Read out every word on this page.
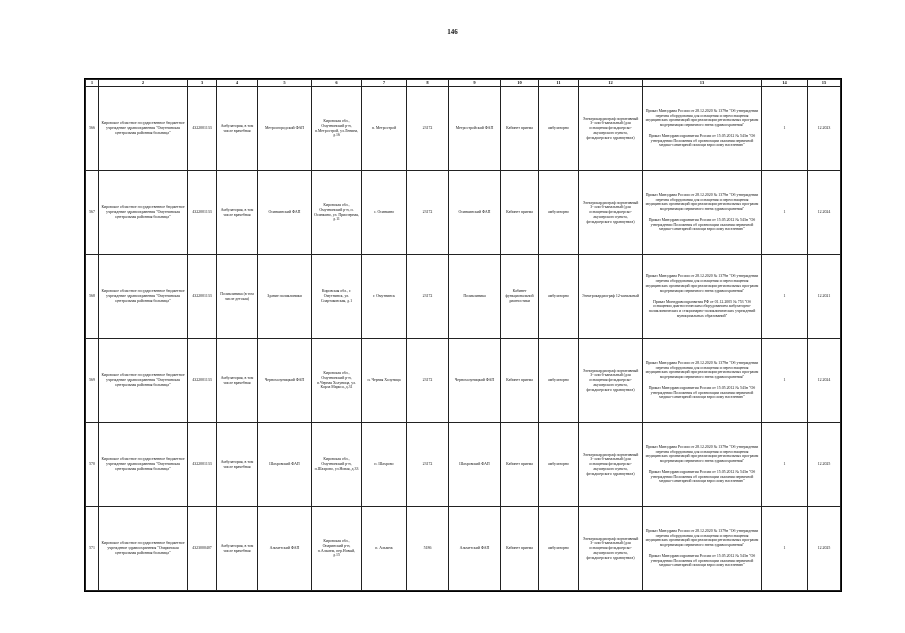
146
1	2	3	4	5	6	7	8	9	10	11	12	13	14	15
566	Кировское областное государственное бюджетное учреждение здравоохранения "Омутнинская центральная районная больница"	4322001133	Амбулатория, в том числе врачебная	Метроогородский ФАП	Кировская обл., Омутнинский р-н, п.Метрострой, ул.Ленина, д.16	п. Метрострой	23172	Метростройский ФАП	Кабинет приема	амбулаторно	Электрокардиограф портативный 3- или 6-канальный (для оснащения фельдшерско-акушерского пункта, фельдшерского здравпункта)	Приказ Минздрава России от 28.12.2020 № 1379н "Об утверждении перечня оборудования для оснащения и переоснащения медицинских организаций при реализации региональных программ модернизации первичного звена здравоохранения"
Приказ Минздравсоцразвития России от 15.05.2012 № 543н "Об утверждении Положения об организации оказания первичной медико-санитарной помощи взрослому населению"	1	12.2023
567	Кировское областное государственное бюджетное учреждение здравоохранения "Омутнинская центральная районная больница"	4322001133	Амбулатория, в том числе врачебная	Осинкинский ФАП	Кировская обл., Омутнинский р-н, п. Осинкино, ул. Приозерная, д.11	с. Осинкино	23172	Осинкинский ФАП	Кабинет приема	амбулаторно	Электрокардиограф портативный 3- или 6-канальный (для оснащения фельдшерско-акушерского пункта, фельдшерского здравпункта)	Приказ Минздрава России от 28.12.2020 № 1379н "Об утверждении перечня оборудования для оснащения и переоснащения медицинских организаций при реализации региональных программ модернизации первичного звена здравоохранения"
Приказ Минздравсоцразвития России от 15.05.2012 № 543н "Об утверждении Положения об организации оказания первичной медико-санитарной помощи взрослому населению"	1	12.2024
568	Кировское областное государственное бюджетное учреждение здравоохранения "Омутнинская центральная районная больница"	4322001133	Поликлиника (в том числе детская)	Здание поликлиники	Кировская обл., г. Омутнинск, ул. Спартаковская, д.1	г. Омутнинск	23172	Поликлиника	Кабинет функциональной диагностики	амбулаторно	Электрокардиограф 12-канальный	Приказ Минздрава России от 28.12.2020 № 1379н "Об утверждении перечня оборудования для оснащения и переоснащения медицинских организаций при реализации региональных программ модернизации первичного звена здравоохранения"
Приказ Минздравсоцразвития РФ от 01.12.2005 № 753 "Об оснащении диагностическим оборудованием амбулаторно-поликлинических и стационарно-поликлинических учреждений муниципальных образований"	1	12.2021
569	Кировское областное государственное бюджетное учреждение здравоохранения "Омутнинская центральная районная больница"	4322001133	Амбулатория, в том числе врачебная	Чернохолуницкий ФАП	Кировская обл., Омутнинский р-н, п.Черная Холуница, ул. Карла Маркса, д.31	п. Черная Холуница	23172	Чернохолуницкий ФАП	Кабинет приема	амбулаторно	Электрокардиограф портативный 3- или 6-канальный (для оснащения фельдшерско-акушерского пункта, фельдшерского здравпункта)	Приказ Минздрава России от 28.12.2020 № 1379н "Об утверждении перечня оборудования для оснащения и переоснащения медицинских организаций при реализации региональных программ модернизации первичного звена здравоохранения"
Приказ Минздравсоцразвития России от 15.05.2012 № 543н "Об утверждении Положения об организации оказания первичной медико-санитарной помощи взрослому населению"	1	12.2024
570	Кировское областное государственное бюджетное учреждение здравоохранения "Омутнинская центральная районная больница"	4322001133	Амбулатория, в том числе врачебная	Шахровский ФАП	Кировская обл., Омутнинский р-н, п.Шахрово, ул.Новая, д.33	п. Шахрово	23172	Шахровский ФАП	Кабинет приема	амбулаторно	Электрокардиограф портативный 3- или 6-канальный (для оснащения фельдшерско-акушерского пункта, фельдшерского здравпункта)	Приказ Минздрава России от 28.12.2020 № 1379н "Об утверждении перечня оборудования для оснащения и переоснащения медицинских организаций при реализации региональных программ модернизации первичного звена здравоохранения"
Приказ Минздравсоцразвития России от 15.05.2012 № 543н "Об утверждении Положения об организации оказания первичной медико-санитарной помощи взрослому населению"	1	12.2025
571	Кировское областное государственное бюджетное учреждение здравоохранения "Опаринская центральная районная больница"	4323000407	Амбулатория, в том числе врачебная	Альметский ФАП	Кировская обл., Опаринский р-н, п.Альмеж, пер.Новый, д.15	п. Альмеж	5186	Альметский ФАП	Кабинет приема	амбулаторно	Электрокардиограф портативный 3- или 6-канальный (для оснащения фельдшерско-акушерского пункта, фельдшерского здравпункта)	Приказ Минздрава России от 28.12.2020 № 1379н "Об утверждении перечня оборудования для оснащения и переоснащения медицинских организаций при реализации региональных программ модернизации первичного звена здравоохранения"
Приказ Минздравсоцразвития России от 15.05.2012 № 543н "Об утверждении Положения об организации оказания первичной медико-санитарной помощи взрослому населению"	1	12.2025
